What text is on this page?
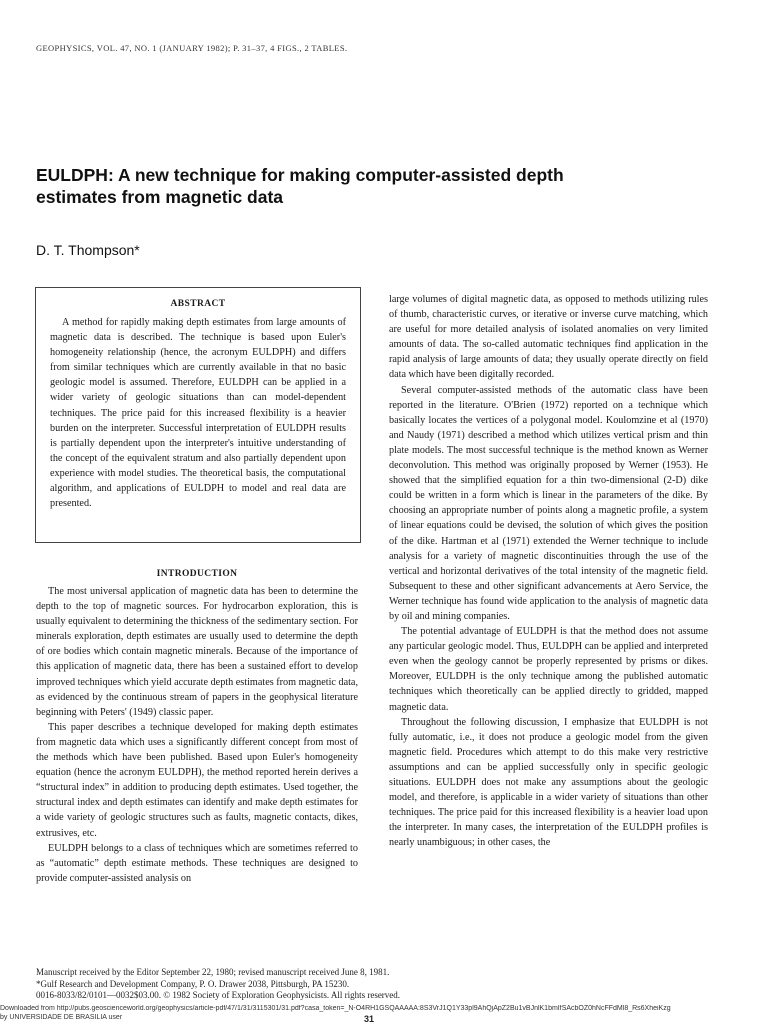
GEOPHYSICS, VOL. 47, NO. 1 (JANUARY 1982); P. 31–37, 4 FIGS., 2 TABLES.
EULDPH: A new technique for making computer-assisted depth estimates from magnetic data
D. T. Thompson*

ABSTRACT

A method for rapidly making depth estimates from large amounts of magnetic data is described. The technique is based upon Euler's homogeneity relationship (hence, the acronym EULDPH) and differs from similar techniques which are currently available in that no basic geologic model is assumed. Therefore, EULDPH can be applied in a wider variety of geologic situations than can model-dependent techniques. The price paid for this increased flexibility is a heavier burden on the interpreter. Successful interpretation of EULDPH results is partially dependent upon the interpreter's intuitive understanding of the concept of the equivalent stratum and also partially dependent upon experience with model studies. The theoretical basis, the computational algorithm, and applications of EULDPH to model and real data are presented.

INTRODUCTION

The most universal application of magnetic data has been to determine the depth to the top of magnetic sources. For hydrocarbon exploration, this is usually equivalent to determining the thickness of the sedimentary section. For minerals exploration, depth estimates are usually used to determine the depth of ore bodies which contain magnetic minerals. Because of the importance of this application of magnetic data, there has been a sustained effort to develop improved techniques which yield accurate depth estimates from magnetic data, as evidenced by the continuous stream of papers in the geophysical literature beginning with Peters' (1949) classic paper.

This paper describes a technique developed for making depth estimates from magnetic data which uses a significantly different concept from most of the methods which have been published. Based upon Euler's homogeneity equation (hence the acronym EULDPH), the method reported herein derives a “structural index” in addition to producing depth estimates. Used together, the structural index and depth estimates can identify and make depth estimates for a wide variety of geologic structures such as faults, magnetic contacts, dikes, extrusives, etc.

EULDPH belongs to a class of techniques which are sometimes referred to as “automatic” depth estimate methods. These techniques are designed to provide computer-assisted analysis on

large volumes of digital magnetic data, as opposed to methods utilizing rules of thumb, characteristic curves, or iterative or inverse curve matching, which are useful for more detailed analysis of isolated anomalies on very limited amounts of data. The so-called automatic techniques find application in the rapid analysis of large amounts of data; they usually operate directly on field data which have been digitally recorded.

Several computer-assisted methods of the automatic class have been reported in the literature. O'Brien (1972) reported on a technique which basically locates the vertices of a polygonal model. Koulomzine et al (1970) and Naudy (1971) described a method which utilizes vertical prism and thin plate models. The most successful technique is the method known as Werner deconvolution. This method was originally proposed by Werner (1953). He showed that the simplified equation for a thin two-dimensional (2-D) dike could be written in a form which is linear in the parameters of the dike. By choosing an appropriate number of points along a magnetic profile, a system of linear equations could be devised, the solution of which gives the position of the dike. Hartman et al (1971) extended the Werner technique to include analysis for a variety of magnetic discontinuities through the use of the vertical and horizontal derivatives of the total intensity of the magnetic field. Subsequent to these and other significant advancements at Aero Service, the Werner technique has found wide application to the analysis of magnetic data by oil and mining companies.

The potential advantage of EULDPH is that the method does not assume any particular geologic model. Thus, EULDPH can be applied and interpreted even when the geology cannot be properly represented by prisms or dikes. Moreover, EULDPH is the only technique among the published automatic techniques which theoretically can be applied directly to gridded, mapped magnetic data.

Throughout the following discussion, I emphasize that EULDPH is not fully automatic, i.e., it does not produce a geologic model from the given magnetic field. Procedures which attempt to do this make very restrictive assumptions and can be applied successfully only in specific geologic situations. EULDPH does not make any assumptions about the geologic model, and therefore, is applicable in a wider variety of situations than other techniques. The price paid for this increased flexibility is a heavier load upon the interpreter. In many cases, the interpretation of the EULDPH profiles is nearly unambiguous; in other cases, the

Manuscript received by the Editor September 22, 1980; revised manuscript received June 8, 1981.
*Gulf Research and Development Company, P. O. Drawer 2038, Pittsburgh, PA 15230.
0016-8033/82/0101—0032$03.00. © 1982 Society of Exploration Geophysicists. All rights reserved.
Downloaded from http://pubs.geoscienceworld.org/geophysics/article-pdf/47/1/31/3115301/31.pdf?casa_token=_N-O4RH1GSQAAAAA:8S3VrJ1Q1Y33pl9AhQjApZ2Bu1vBJnlK1bmIfSAcbOZ0hNcFFdMl8_Rs6XheiKzg
by UNIVERSIDADE DE BRASILIA user	31
